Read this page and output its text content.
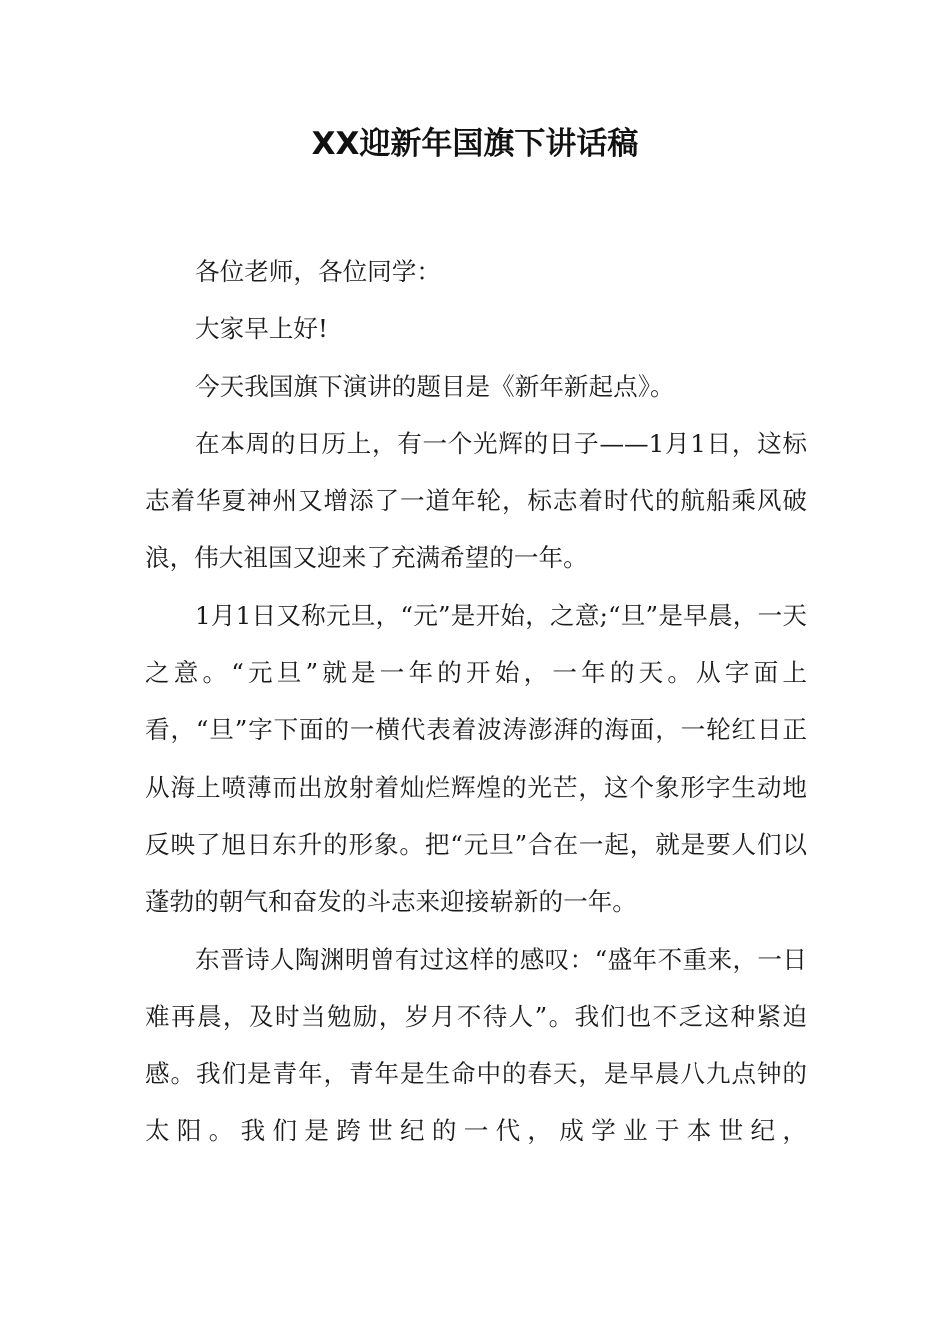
XX迎新年国旗下讲话稿

各位老师，各位同学：

大家早上好!

今天我国旗下演讲的题目是《新年新起点》。

在本周的日历上，有一个光辉的日子——1月1日，这标志着华夏神州又增添了一道年轮，标志着时代的航船乘风破浪，伟大祖国又迎来了充满希望的一年。

1月1日又称元旦，“元”是开始，之意;“旦”是早晨，一天之意。“元旦”就是一年的开始，一年的天。从字面上看，“旦”字下面的一横代表着波涛澎湃的海面，一轮红日正从海上喷薄而出放射着灿烂辉煌的光芒，这个象形字生动地反映了旭日东升的形象。把“元旦”合在一起，就是要人们以蓬勃的朝气和奋发的斗志来迎接崭新的一年。

东晋诗人陶渊明曾有过这样的感叹：“盛年不重来，一日难再晨，及时当勉励，岁月不待人”。我们也不乏这种紧迫感。我们是青年，青年是生命中的春天，是早晨八九点钟的太阳。我们是跨世纪的一代，成学业于本世纪，
